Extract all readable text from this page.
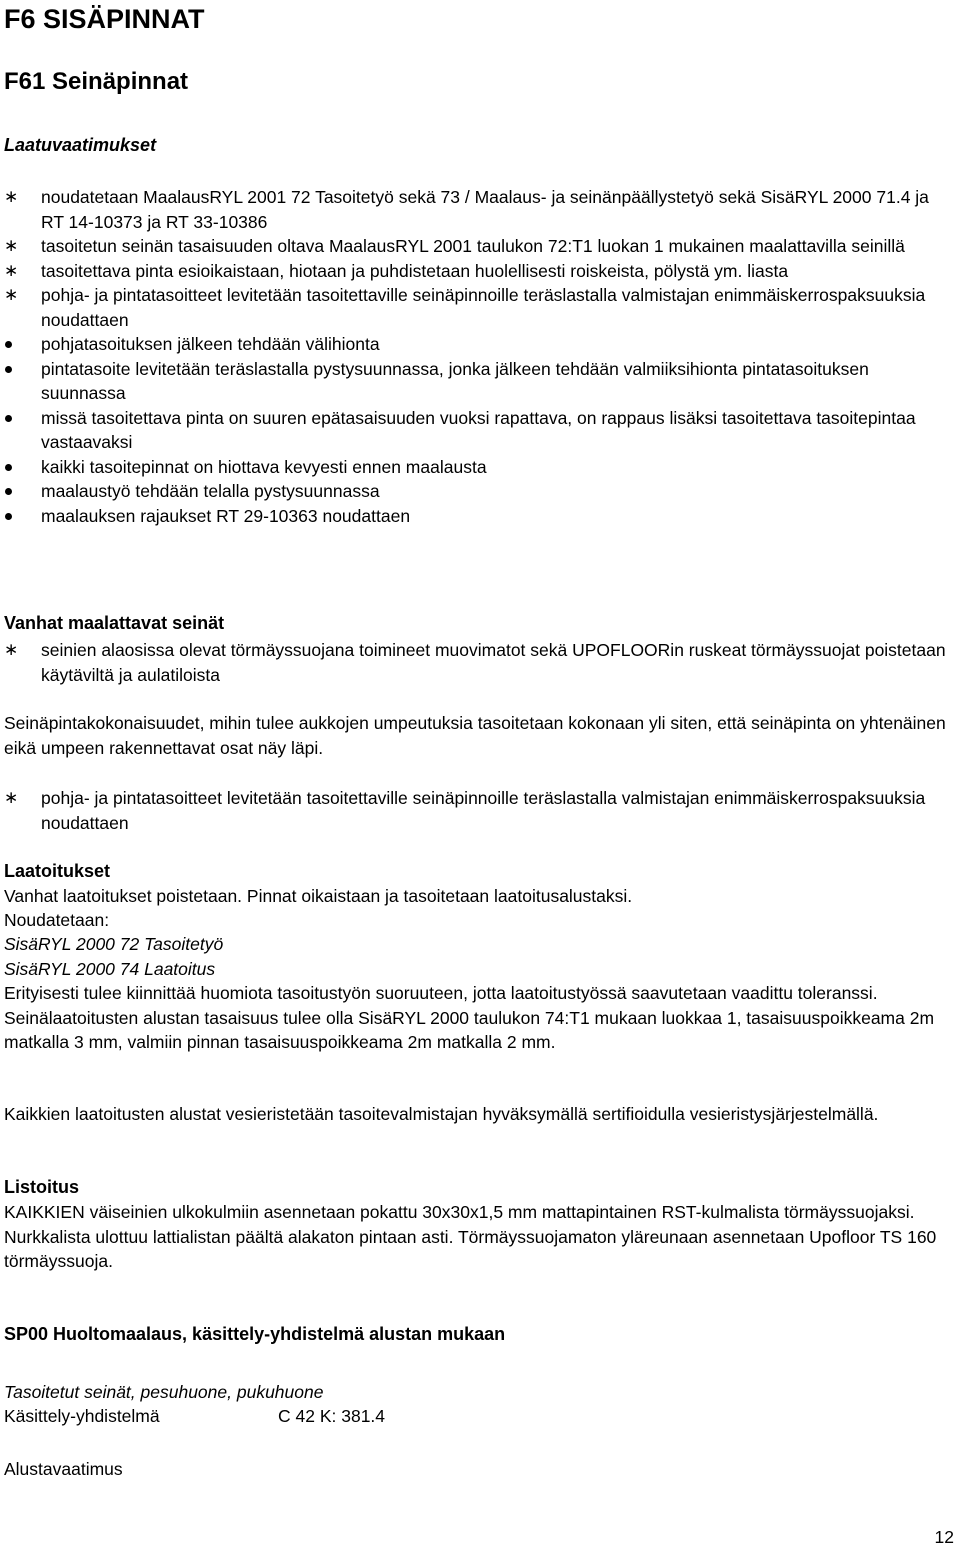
F6 SISÄPINNAT
F61 Seinäpinnat
Laatuvaatimukset
∗ noudatetaan MaalausRYL 2001 72 Tasoitetyö sekä 73 / Maalaus- ja seinänpäällystetyö sekä SisäRYL 2000 71.4 ja RT 14-10373 ja RT 33-10386
∗ tasoitetun seinän tasaisuuden oltava MaalausRYL 2001 taulukon 72:T1 luokan 1 mukainen maalattavilla seinillä
∗ tasoitettava pinta esioikaistaan, hiotaan ja puhdistetaan huolellisesti roiskeista, pölystä ym. liasta
∗ pohja- ja pintatasoitteet levitetään tasoitettaville seinäpinnoille teräslastalla valmistajan enimmäiskerrospaksuuksia noudattaen
pohjatasoituksen jälkeen tehdään välihionta
pintatasoite levitetään teräslastalla pystysuunnassa, jonka jälkeen tehdään valmiiksihionta pintatasoituksen suunnassa
missä tasoitettava pinta on suuren epätasaisuuden vuoksi rapattava, on rappaus lisäksi tasoitettava tasoitepintaa vastaavaksi
kaikki tasoitepinnat on hiottava kevyesti ennen maalausta
maalaustyö tehdään telalla pystysuunnassa
maalauksen rajaukset RT 29-10363 noudattaen
Vanhat maalattavat seinät
∗ seinien alaosissa olevat törmäyssuojana toimineet muovimatot sekä UPOFLOORin ruskeat törmäyssuojat poistetaan käytäviltä ja aulatiloista

Seinäpintakokonaisuudet, mihin tulee aukkojen umpeutuksia tasoitetaan kokonaan yli siten, että seinäpinta on yhtenäinen eikä umpeen rakennettavat osat näy läpi.

∗ pohja- ja pintatasoitteet levitetään tasoitettaville seinäpinnoille teräslastalla valmistajan enimmäiskerrospaksuuksia noudattaen
Laatoitukset
Vanhat laatoitukset poistetaan. Pinnat oikaistaan ja tasoitetaan laatoitusalustaksi.
Noudatetaan:
SisäRYL 2000 72 Tasoitetyö
SisäRYL 2000 74 Laatoitus

Erityisesti tulee kiinnittää huomiota tasoitustyön suoruuteen, jotta laatoitustyössä saavutetaan vaadittu toleranssi. Seinälaatoitusten alustan tasaisuus tulee olla SisäRYL 2000 taulukon 74:T1 mukaan luokkaa 1, tasaisuuspoikkeama 2m matkalla 3 mm, valmiin pinnan tasaisuuspoikkeama 2m matkalla 2 mm.

Kaikkien laatoitusten alustat vesieristetään tasoitevalmistajan hyväksymällä sertifioidulla vesieristysjärjestelmällä.

Listoitus

KAIKKIEN väiseinien ulkokulmiin asennetaan pokattu 30x30x1,5 mm mattapintainen RST-kulmalista törmäyssuojaksi. Nurkkalista ulottuu lattialistan päältä alakaton pintaan asti. Törmäyssuojamaton yläreunaan asennetaan Upofloor TS 160 törmäyssuoja.

SP00 Huoltomaalaus, käsittely-yhdistelmä alustan mukaan
Tasoitetut seinät, pesuhuone, pukuhuone
Käsittely-yhdistelmä	C 42 K: 381.4
Alustavaatimus
12
